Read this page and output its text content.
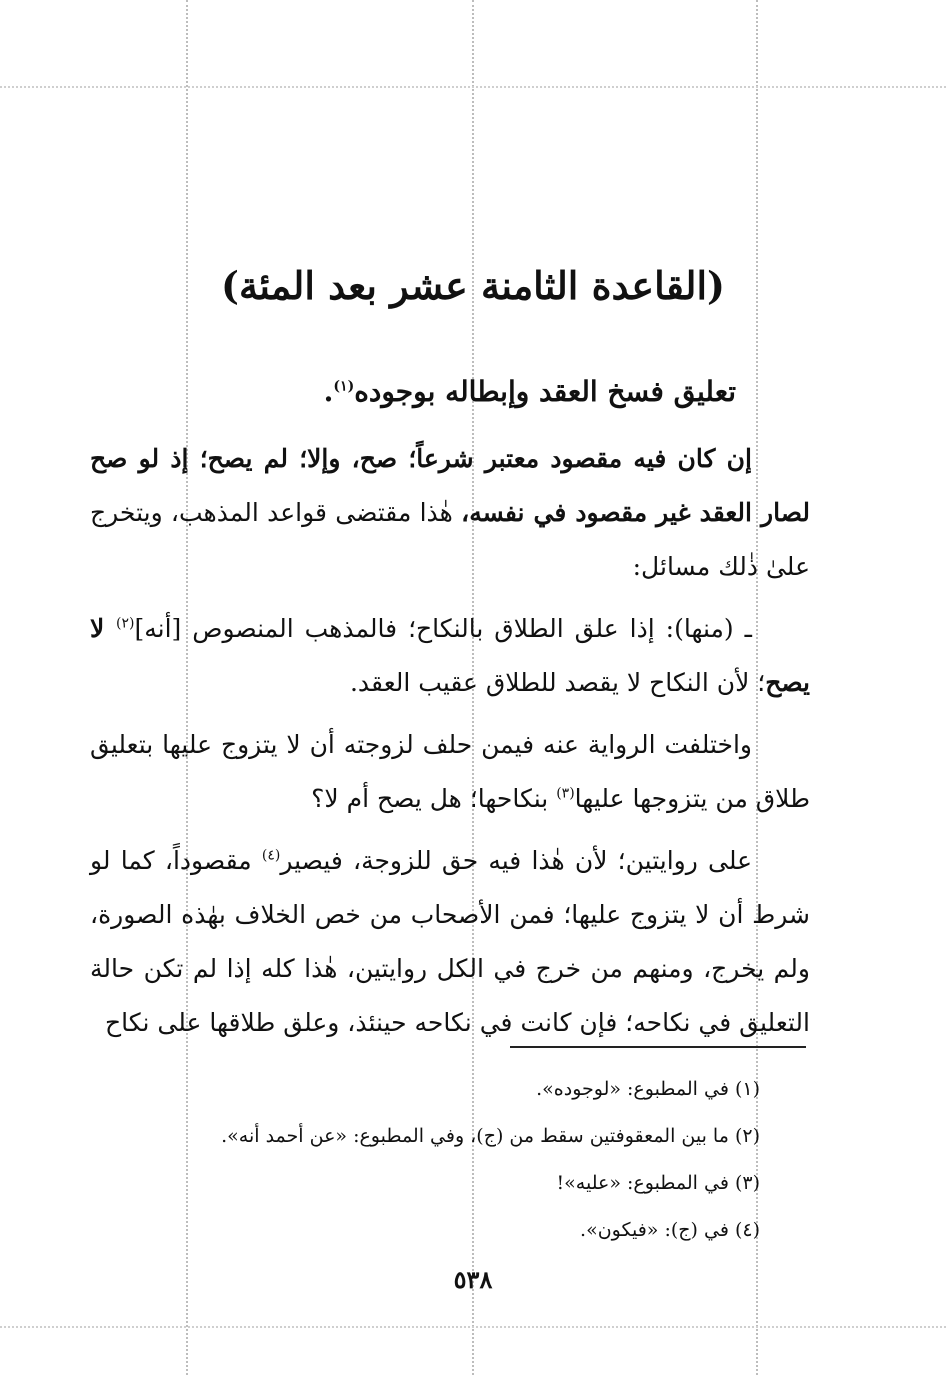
(القاعدة الثامنة عشر بعد المئة)
تعليق فسخ العقد وإبطاله بوجوده$^{(١)}$.

إن كان فيه مقصود معتبر شرعاً؛ صح، وإلا؛ لم يصح؛ إذ لو صح لصار العقد غير مقصود في نفسه، هٰذا مقتضى قواعد المذهب، ويتخرج علىٰ ذٰلك مسائل:

ـ (منها): إذا علق الطلاق بالنكاح؛ فالمذهب المنصوص [أنه]$^{(٢)}$ لا يصح؛ لأن النكاح لا يقصد للطلاق عقيب العقد.

واختلفت الرواية عنه فيمن حلف لزوجته أن لا يتزوج عليها بتعليق طلاق من يتزوجها عليها$^{(٣)}$ بنكاحها؛ هل يصح أم لا؟

على روايتين؛ لأن هٰذا فيه حق للزوجة، فيصير$^{(٤)}$ مقصوداً، كما لو شرط أن لا يتزوج عليها؛ فمن الأصحاب من خص الخلاف بهٰذه الصورة، ولم يخرج، ومنهم من خرج في الكل روايتين، هٰذا كله إذا لم تكن حالة التعليق في نكاحه؛ فإن كانت في نكاحه حينئذ، وعلق طلاقها على نكاح

(١) في المطبوع: «لوجوده».
(٢) ما بين المعقوفتين سقط من (ج)، وفي المطبوع: «عن أحمد أنه».
(٣) في المطبوع: «عليه»!
(٤) في (ج): «فيكون».
٥٣٨
